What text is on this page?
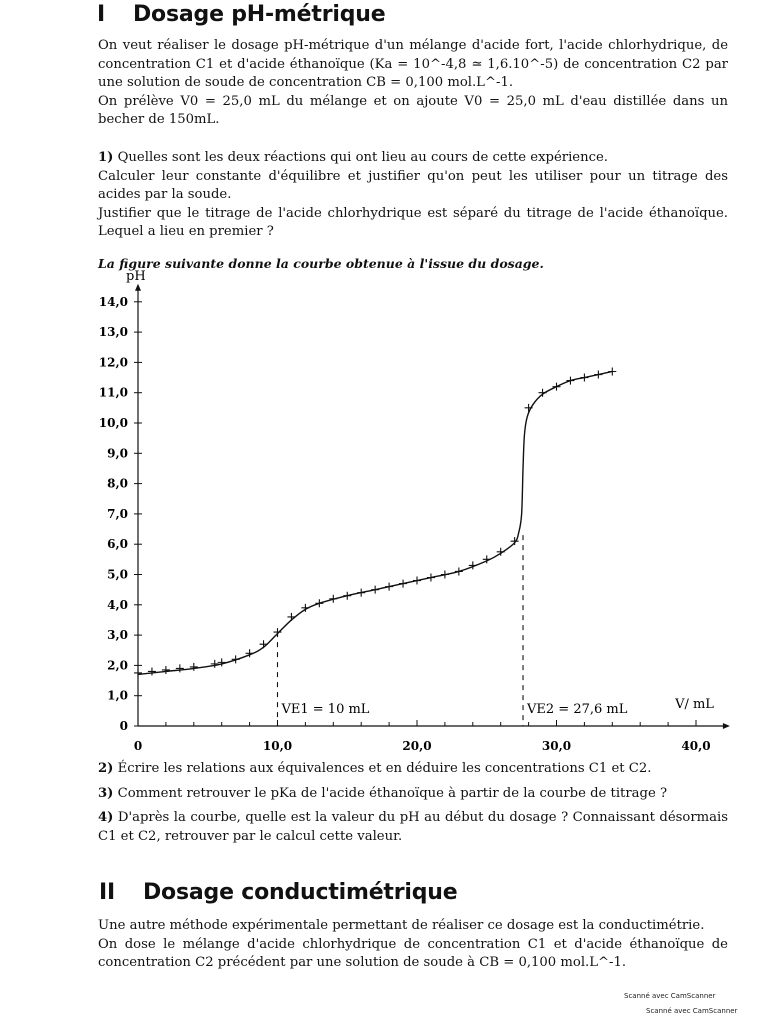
I Dosage pH-métrique

On veut réaliser le dosage pH-métrique d'un mélange d'acide fort, l'acide chlorhydrique, de concentration C1 et d'acide éthanoïque (Ka = 10^-4,8 ≃ 1,6.10^-5) de concentration C2 par une solution de soude de concentration CB = 0,100 mol.L^-1.

On prélève V0 = 25,0 mL du mélange et on ajoute V0 = 25,0 mL d'eau distillée dans un becher de 150mL.

1) Quelles sont les deux réactions qui ont lieu au cours de cette expérience.

Calculer leur constante d'équilibre et justifier qu'on peut les utiliser pour un titrage des acides par la soude.

Justifier que le titrage de l'acide chlorhydrique est séparé du titrage de l'acide éthanoïque. Lequel a lieu en premier ?

La figure suivante donne la courbe obtenue à l'issue du dosage.
pH
V/ mL
0
1,0
2,0
3,0
4,0
5,0
6,0
7,0
8,0
9,0
10,0
11,0
12,0
13,0
14,0
0	10,0	20,0	30,0	40,0
VE1 = 10 mL	VE2 = 27,6 mL

2) Écrire les relations aux équivalences et en déduire les concentrations C1 et C2.

3) Comment retrouver le pKa de l'acide éthanoïque à partir de la courbe de titrage ?

4) D'après la courbe, quelle est la valeur du pH au début du dosage ? Connaissant désormais C1 et C2, retrouver par le calcul cette valeur.

II Dosage conductimétrique

Une autre méthode expérimentale permettant de réaliser ce dosage est la conductimétrie.

On dose le mélange d'acide chlorhydrique de concentration C1 et d'acide éthanoïque de concentration C2 précédent par une solution de soude à CB = 0,100 mol.L^-1.

Scanné avec CamScanner
Scanné avec CamScanner
